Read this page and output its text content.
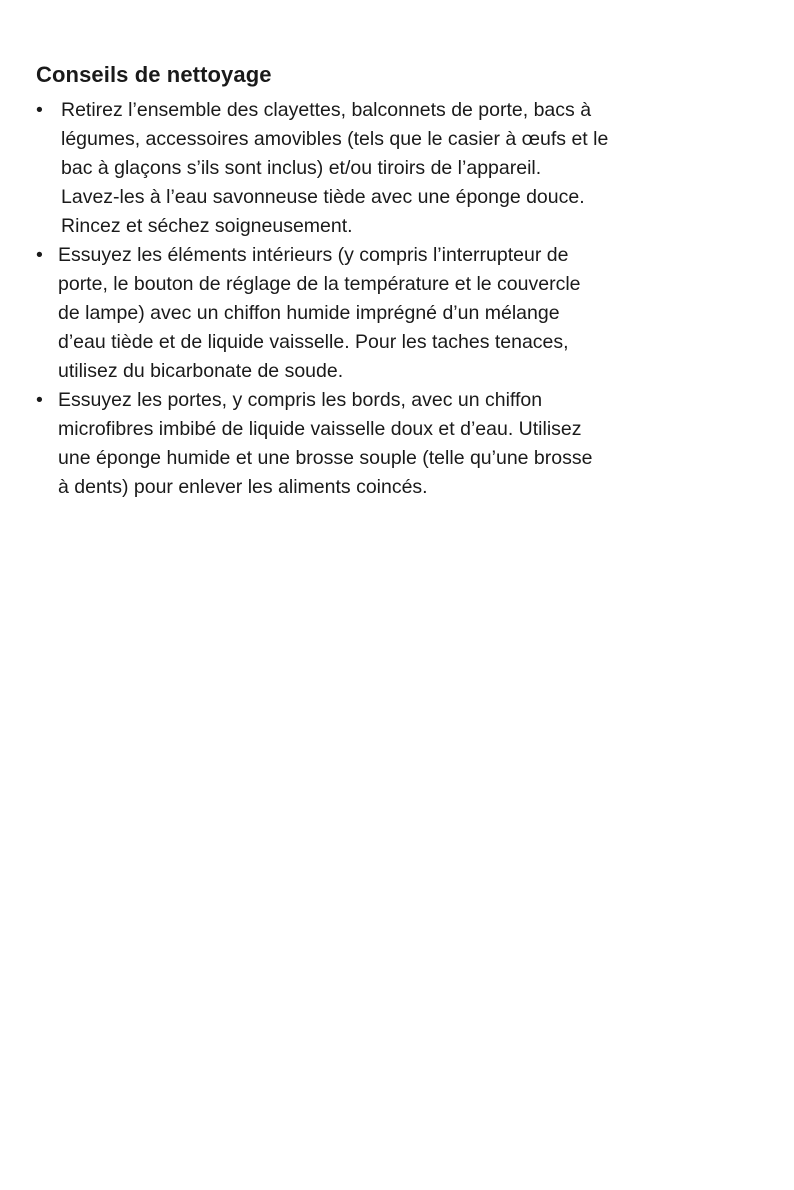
Conseils de nettoyage
• Retirez l’ensemble des clayettes, balconnets de porte, bacs à
légumes, accessoires amovibles (tels que le casier à œufs et le
bac à glaçons s’ils sont inclus) et/ou tiroirs de l’appareil.
Lavez-les à l’eau savonneuse tiède avec une éponge douce.
Rincez et séchez soigneusement.
• Essuyez les éléments intérieurs (y compris l’interrupteur de
porte, le bouton de réglage de la température et le couvercle
de lampe) avec un chiffon humide imprégné d’un mélange
d’eau tiède et de liquide vaisselle. Pour les taches tenaces,
utilisez du bicarbonate de soude.
• Essuyez les portes, y compris les bords, avec un chiffon
microfibres imbibé de liquide vaisselle doux et d’eau. Utilisez
une éponge humide et une brosse souple (telle qu’une brosse
à dents) pour enlever les aliments coincés.
